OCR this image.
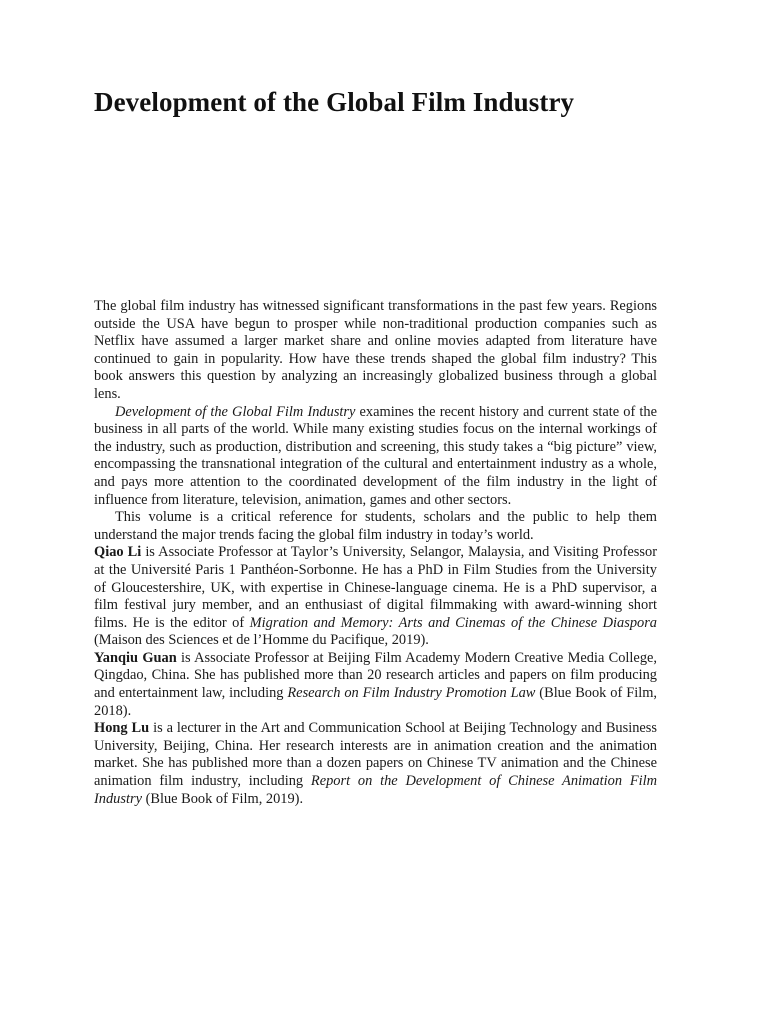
Development of the Global Film Industry

The global film industry has witnessed significant transformations in the past few years. Regions outside the USA have begun to prosper while non-traditional production companies such as Netflix have assumed a larger market share and online movies adapted from literature have continued to gain in popularity. How have these trends shaped the global film industry? This book answers this question by analyzing an increasingly globalized business through a global lens.

Development of the Global Film Industry examines the recent history and current state of the business in all parts of the world. While many existing studies focus on the internal workings of the industry, such as production, distribution and screening, this study takes a “big picture” view, encompassing the transnational integration of the cultural and entertainment industry as a whole, and pays more attention to the coordinated development of the film industry in the light of influence from literature, television, animation, games and other sectors.

This volume is a critical reference for students, scholars and the public to help them understand the major trends facing the global film industry in today’s world.

Qiao Li is Associate Professor at Taylor’s University, Selangor, Malaysia, and Visiting Professor at the Université Paris 1 Panthéon-Sorbonne. He has a PhD in Film Studies from the University of Gloucestershire, UK, with expertise in Chinese-language cinema. He is a PhD supervisor, a film festival jury member, and an enthusiast of digital filmmaking with award-winning short films. He is the editor of Migration and Memory: Arts and Cinemas of the Chinese Diaspora (Maison des Sciences et de l’Homme du Pacifique, 2019).

Yanqiu Guan is Associate Professor at Beijing Film Academy Modern Creative Media College, Qingdao, China. She has published more than 20 research articles and papers on film producing and entertainment law, including Research on Film Industry Promotion Law (Blue Book of Film, 2018).

Hong Lu is a lecturer in the Art and Communication School at Beijing Technology and Business University, Beijing, China. Her research interests are in animation creation and the animation market. She has published more than a dozen papers on Chinese TV animation and the Chinese animation film industry, including Report on the Development of Chinese Animation Film Industry (Blue Book of Film, 2019).
